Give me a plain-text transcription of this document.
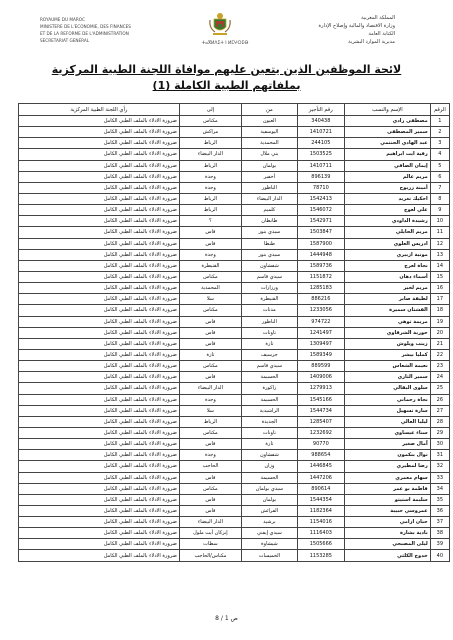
المملكة المغربية
وزارة الاقتصاد والمالية وإصلاح الإدارة
الكتابة العامة
مديرية الموارد البشرية
ROYAUME DU MAROC
MINISTERE DE L'ECONOMIE, DES FINANCES
ET DE LA REFORME DE L'ADMINISTRATION
SECRETARIAT GENERAL
ⵜⴰⴳⵍⴷⵉⵜ ⵏ ⵍⵎⵖⵔⵉⴱ
لائحة الموظفين الذين يتعين عليهم موافاة اللجنة الطبية المركزية
بملفاتهم الطبية الكاملة (1)
الرقم	الإسم والنسب	رقم التأجير	من	إلى	رأي اللجنة الطبية المركزية
1	مصطفى رادي	340438	العيون	مكناس	ضرورة الادلاء بالملف الطبي الكامل
2	سمير المصطفى	1410721	اليوسفية	مراكش	ضرورة الادلاء بالملف الطبي الكامل
3	عبد الهادي الحنتمي	244105	المحمدية	الرباط	ضرورة الادلاء بالملف الطبي الكامل
4	رقية ايت ابراهيم	1503525	بني ملال	الدار البيضاء	ضرورة الادلاء بالملف الطبي الكامل
5	إيمان الصافي	1410711	بولمان	الرباط	ضرورة الادلاء بالملف الطبي الكامل
6	مريم عالم	896139	أخفير	وجدة	ضرورة الادلاء بالملف الطبي الكامل
7	أمينة زريوح	78710	الناظور	وجدة	ضرورة الادلاء بالملف الطبي الكامل
8	احكيك تغريد	1542413	الدار البيضاء	الرباط	ضرورة الادلاء بالملف الطبي الكامل
9	علي لعوج	1546072	كلميم	الرباط	ضرورة الادلاء بالملف الطبي الكامل
10	رشيدة الداودي	1542971	طانطان	؟	ضرورة الادلاء بالملف الطبي الكامل
11	مريم الحايلي	1503847	سيدي بنور	فاس	ضرورة الادلاء بالملف الطبي الكامل
12	ادريس العلوي	1587900	طنطا	فاس	ضرورة الادلاء بالملف الطبي الكامل
13	مونية ازبيري	1444948	سيدي بنور	وجدة	ضرورة الادلاء بالملف الطبي الكامل
14	نجاة لعرج	1589736	شفشاون	القنيطرة	ضرورة الادلاء بالملف الطبي الكامل
15	أسماء دهان	1151872	سيدي قاسم	مكناس	ضرورة الادلاء بالملف الطبي الكامل
16	مريم لخير	1285183	ورزازات	المحمدية	ضرورة الادلاء بالملف الطبي الكامل
17	لطيفة صابر	886216	القنيطرة	سلا	ضرورة الادلاء بالملف الطبي الكامل
18	الفشتان سميرة	1233056	مدنات	مكناس	ضرورة الادلاء بالملف الطبي الكامل
19	مريمة توهي	974722	الناظور	فاس	ضرورة الادلاء بالملف الطبي الكامل
20	حورية الشرقاوي	1241497	تاونات	فاس	ضرورة الادلاء بالملف الطبي الكامل
21	زينب ويلوش	1309497	تازة	فاس	ضرورة الادلاء بالملف الطبي الكامل
22	كمليا بيشر	1589349	جرسيف	تازة	ضرورة الادلاء بالملف الطبي الكامل
23	نعيمة الشعاس	889599	سيدي قاسم	مكناس	ضرورة الادلاء بالملف الطبي الكامل
24	سمير الثاري	1409006	الحسيمة	فاس	ضرورة الادلاء بالملف الطبي الكامل
25	سلوى البقالي	1279913	زاكورة	الدار البيضاء	ضرورة الادلاء بالملف الطبي الكامل
26	نجاة رحماني	1545166	الحسيمة	وجدة	ضرورة الادلاء بالملف الطبي الكامل
27	سارة تسهيل	1544734	الراشيدية	سلا	ضرورة الادلاء بالملف الطبي الكامل
28	ليليا العالي	1285407	الجديدة	الرباط	ضرورة الادلاء بالملف الطبي الكامل
29	سناء عيساوي	1232692	تاونات	مكناس	ضرورة الادلاء بالملف الطبي الكامل
30	آمال صغير	90770	تازة	فاس	ضرورة الادلاء بالملف الطبي الكامل
31	نوال بنكمون	988654	شفشاون	وجدة	ضرورة الادلاء بالملف الطبي الكامل
32	رضا لمطيري	1446845	وزان	الحاجب	ضرورة الادلاء بالملف الطبي الكامل
33	سهام معمري	1447206	الحسيمة	فاس	ضرورة الادلاء بالملف الطبي الكامل
34	فاطمة بو عمر	890614	سيدي بولمان	مكناس	ضرورة الادلاء بالملف الطبي الكامل
35	سليمة استيتو	1544354	بولمان	فاس	ضرورة الادلاء بالملف الطبي الكامل
36	عمروسي حبيبة	1182364	الفرائش	فاس	ضرورة الادلاء بالملف الطبي الكامل
37	حنان ازامي	1154016	برشيد	الدار البيضاء	ضرورة الادلاء بالملف الطبي الكامل
38	نادية بشارة	1116403	سيدي إيفني	إنزكان أيت ملول	ضرورة الادلاء بالملف الطبي الكامل
39	ليلى المصبحي	1505666	شيشاوة	سطات	ضرورة الادلاء بالملف الطبي الكامل
40	خدوج الكلثي	1153285	الخميسات	مكناس/الحاجب	ضرورة الادلاء بالملف الطبي الكامل
ص 1 / 8
